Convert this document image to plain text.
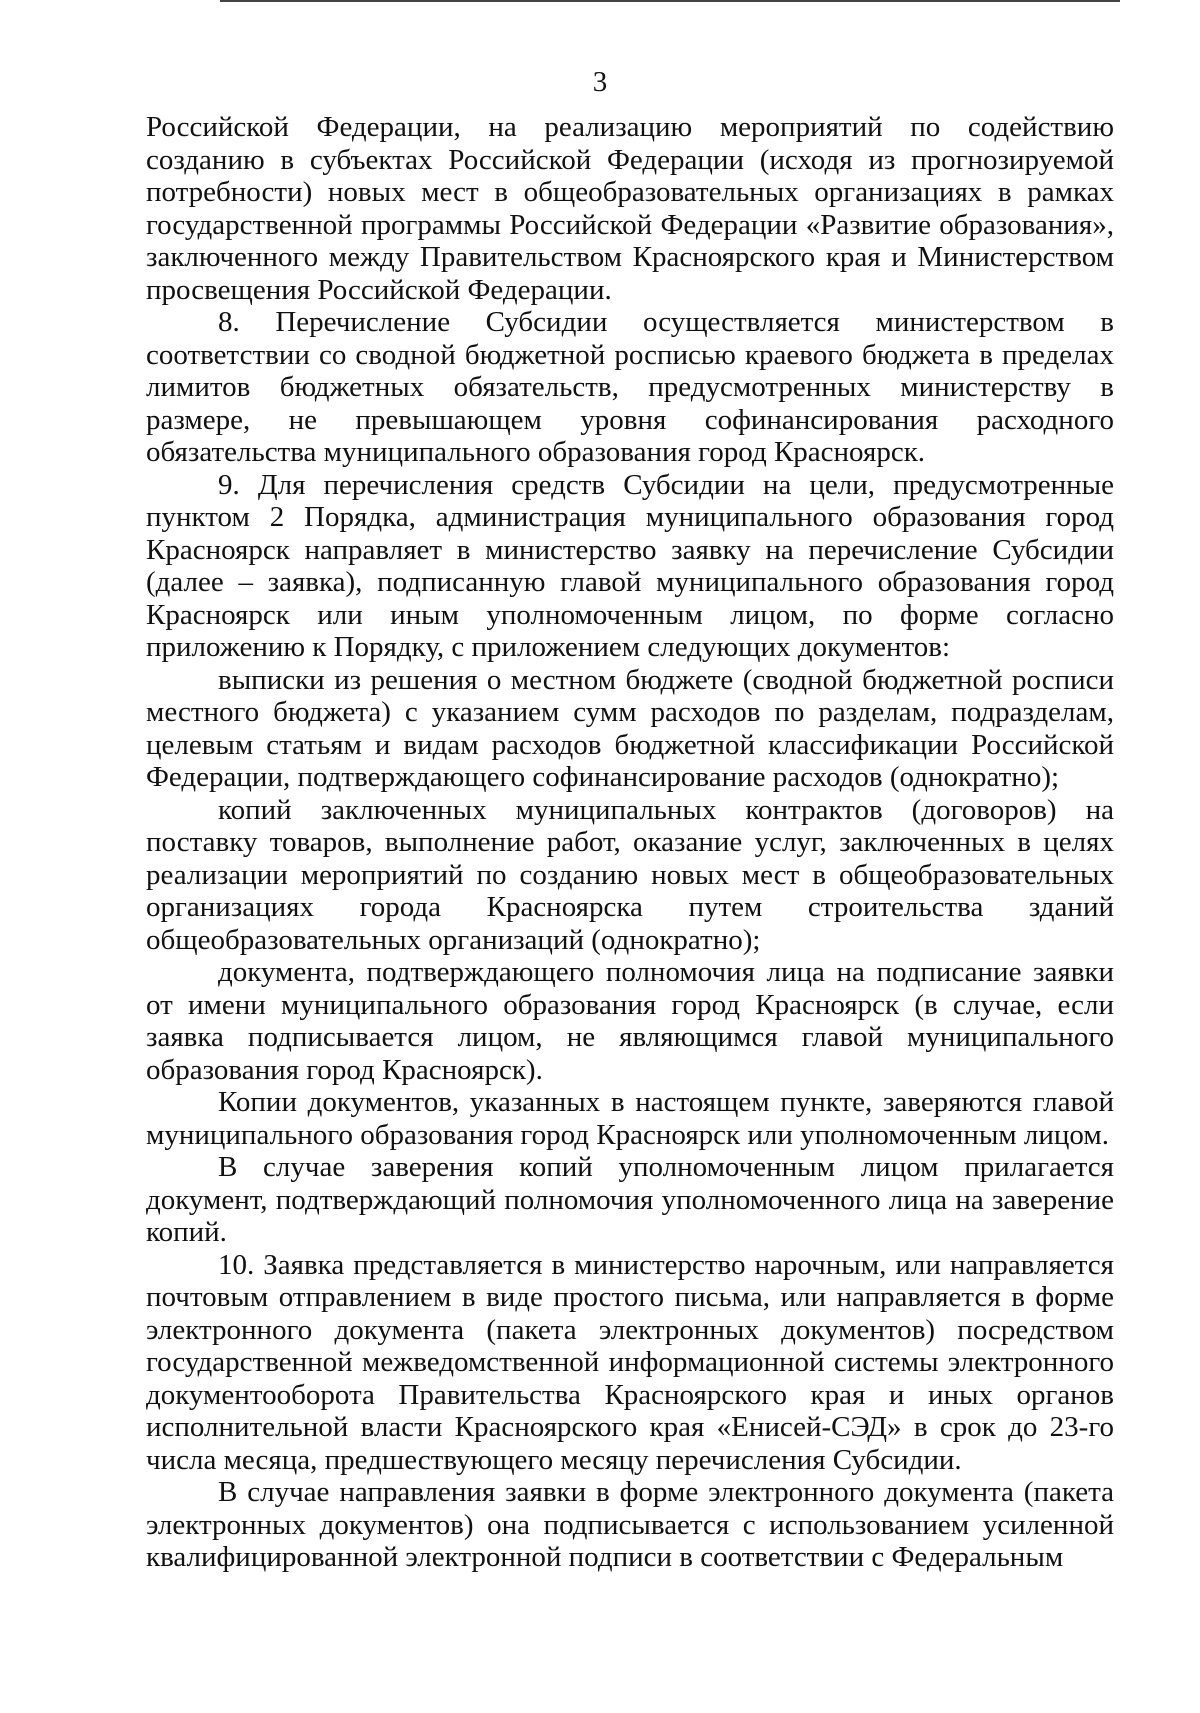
3

Российской Федерации, на реализацию мероприятий по содействию созданию в субъектах Российской Федерации (исходя из прогнозируемой потребности) новых мест в общеобразовательных организациях в рамках государственной программы Российской Федерации «Развитие образования», заключенного между Правительством Красноярского края и Министерством просвещения Российской Федерации.

8. Перечисление Субсидии осуществляется министерством в соответствии со сводной бюджетной росписью краевого бюджета в пределах лимитов бюджетных обязательств, предусмотренных министерству в размере, не превышающем уровня софинансирования расходного обязательства муниципального образования город Красноярск.

9. Для перечисления средств Субсидии на цели, предусмотренные пунктом 2 Порядка, администрация муниципального образования город Красноярск направляет в министерство заявку на перечисление Субсидии (далее – заявка), подписанную главой муниципального образования город Красноярск или иным уполномоченным лицом, по форме согласно приложению к Порядку, с приложением следующих документов:

выписки из решения о местном бюджете (сводной бюджетной росписи местного бюджета) с указанием сумм расходов по разделам, подразделам, целевым статьям и видам расходов бюджетной классификации Российской Федерации, подтверждающего софинансирование расходов (однократно);

копий заключенных муниципальных контрактов (договоров) на поставку товаров, выполнение работ, оказание услуг, заключенных в целях реализации мероприятий по созданию новых мест в общеобразовательных организациях города Красноярска путем строительства зданий общеобразовательных организаций (однократно);

документа, подтверждающего полномочия лица на подписание заявки от имени муниципального образования город Красноярск (в случае, если заявка подписывается лицом, не являющимся главой муниципального образования город Красноярск).

Копии документов, указанных в настоящем пункте, заверяются главой муниципального образования город Красноярск или уполномоченным лицом.

В случае заверения копий уполномоченным лицом прилагается документ, подтверждающий полномочия уполномоченного лица на заверение копий.

10. Заявка представляется в министерство нарочным, или направляется почтовым отправлением в виде простого письма, или направляется в форме электронного документа (пакета электронных документов) посредством государственной межведомственной информационной системы электронного документооборота Правительства Красноярского края и иных органов исполнительной власти Красноярского края «Енисей-СЭД» в срок до 23-го числа месяца, предшествующего месяцу перечисления Субсидии.

В случае направления заявки в форме электронного документа (пакета электронных документов) она подписывается с использованием усиленной квалифицированной электронной подписи в соответствии с Федеральным
